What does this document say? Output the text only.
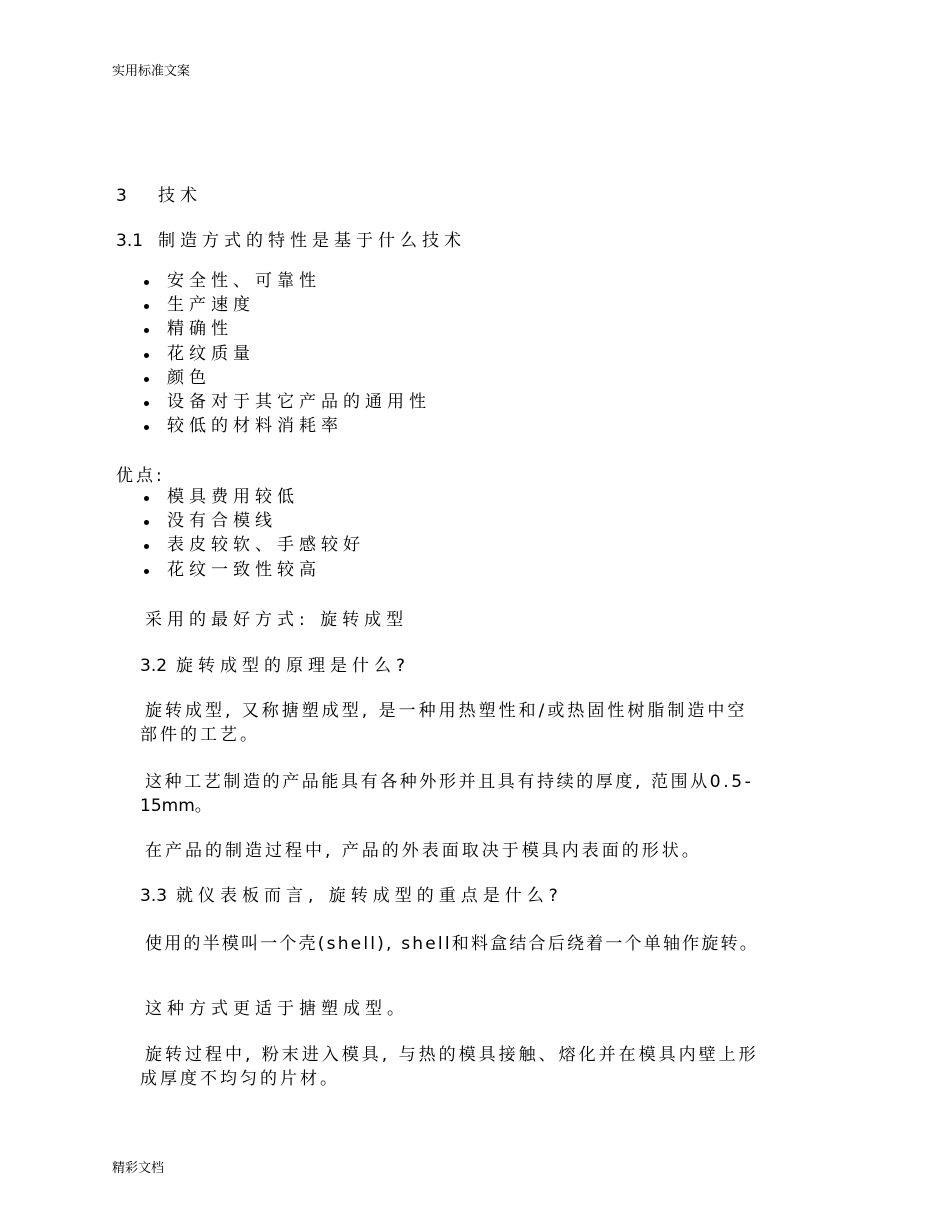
实用标准文案
3 技术
3.1 制造方式的特性是基于什么技术
安全性、可靠性
生产速度
精确性
花纹质量
颜色
设备对于其它产品的通用性
较低的材料消耗率
优点:
模具费用较低
没有合模线
表皮较软、手感较好
花纹一致性较高
采用的最好方式: 旋转成型
3.2 旋转成型的原理是什么?
旋转成型, 又称搪塑成型, 是一种用热塑性和/或热固性树脂制造中空
部件的工艺。
这种工艺制造的产品能具有各种外形并且具有持续的厚度, 范围从0.5-
15mm。
在产品的制造过程中, 产品的外表面取决于模具内表面的形状。
3.3 就仪表板而言, 旋转成型的重点是什么?
使用的半模叫一个壳(shell), shell和料盒结合后绕着一个单轴作旋转。
这种方式更适于搪塑成型。
旋转过程中, 粉末进入模具, 与热的模具接触、熔化并在模具内壁上形
成厚度不均匀的片材。
精彩文档
